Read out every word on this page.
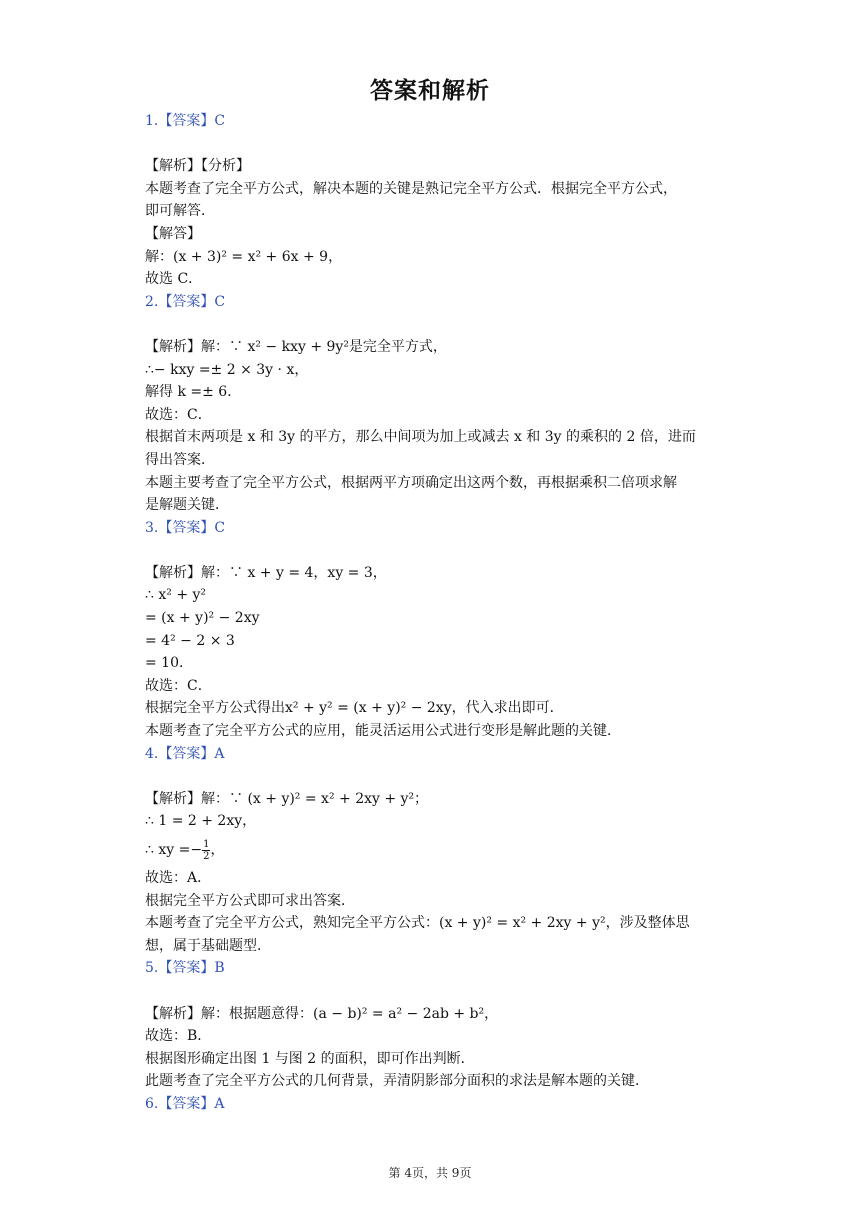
答案和解析
1.【答案】C
【解析】【分析】
本题考查了完全平方公式，解决本题的关键是熟记完全平方公式．根据完全平方公式，
即可解答．
【解答】
解：(x + 3)² = x² + 6x + 9，
故选 C．
2.【答案】C
【解析】解：∵ x² − kxy + 9y²是完全平方式，
∴− kxy =± 2 × 3y · x，
解得 k =± 6．
故选：C．
根据首末两项是 x 和 3y 的平方，那么中间项为加上或减去 x 和 3y 的乘积的 2 倍，进而
得出答案．
本题主要考查了完全平方公式，根据两平方项确定出这两个数，再根据乘积二倍项求解
是解题关键．
3.【答案】C
【解析】解：∵ x + y = 4，xy = 3，
∴ x² + y²
= (x + y)² − 2xy
= 4² − 2 × 3
= 10．
故选：C．
根据完全平方公式得出x² + y² = (x + y)² − 2xy，代入求出即可．
本题考查了完全平方公式的应用，能灵活运用公式进行变形是解此题的关键．
4.【答案】A
【解析】解：∵ (x + y)² = x² + 2xy + y²；
∴ 1 = 2 + 2xy，
∴ xy =− $\frac{1}{2}$ ，
故选：A．
根据完全平方公式即可求出答案．
本题考查了完全平方公式，熟知完全平方公式：(x + y)² = x² + 2xy + y²，涉及整体思
想，属于基础题型．
5.【答案】B
【解析】解：根据题意得：(a − b)² = a² − 2ab + b²，
故选：B．
根据图形确定出图 1 与图 2 的面积，即可作出判断．
此题考查了完全平方公式的几何背景，弄清阴影部分面积的求法是解本题的关键．
6.【答案】A
第 4页，共 9页
